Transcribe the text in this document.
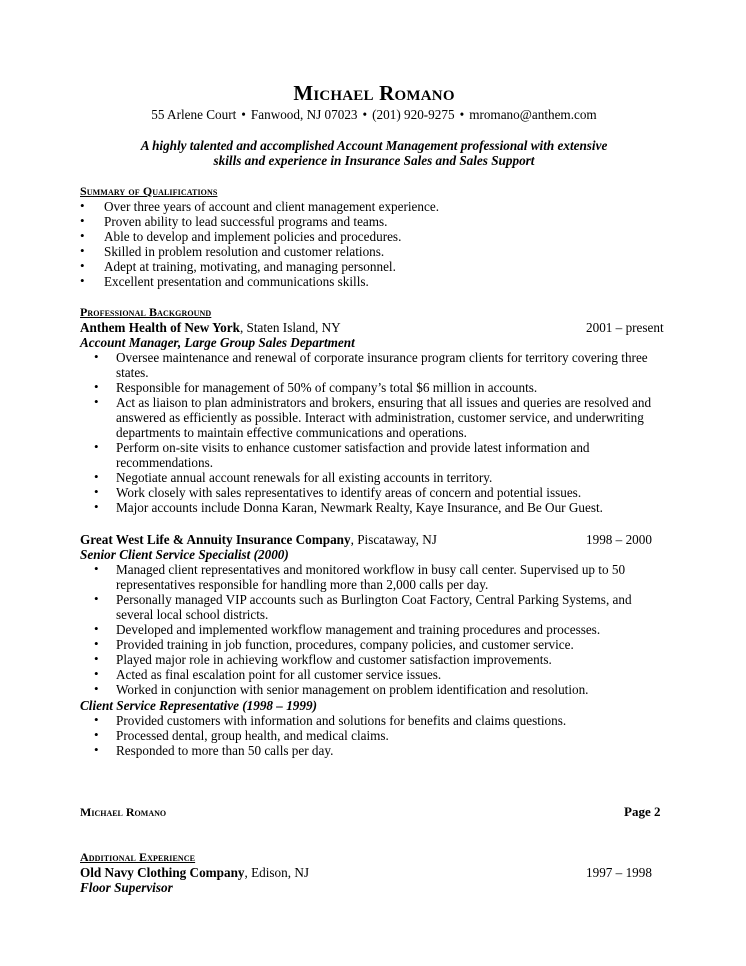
Michael Romano
55 Arlene Court • Fanwood, NJ 07023 • (201) 920-9275 • mromano@anthem.com
A highly talented and accomplished Account Management professional with extensive
skills and experience in Insurance Sales and Sales Support
Summary of Qualifications
• Over three years of account and client management experience.
• Proven ability to lead successful programs and teams.
• Able to develop and implement policies and procedures.
• Skilled in problem resolution and customer relations.
• Adept at training, motivating, and managing personnel.
• Excellent presentation and communications skills.
Professional Background
Anthem Health of New York, Staten Island, NY	2001 – present
Account Manager, Large Group Sales Department
• Oversee maintenance and renewal of corporate insurance program clients for territory covering three states.
• Responsible for management of 50% of company’s total $6 million in accounts.
• Act as liaison to plan administrators and brokers, ensuring that all issues and queries are resolved and answered as efficiently as possible. Interact with administration, customer service, and underwriting departments to maintain effective communications and operations.
• Perform on-site visits to enhance customer satisfaction and provide latest information and recommendations.
• Negotiate annual account renewals for all existing accounts in territory.
• Work closely with sales representatives to identify areas of concern and potential issues.
• Major accounts include Donna Karan, Newmark Realty, Kaye Insurance, and Be Our Guest.
Great West Life & Annuity Insurance Company, Piscataway, NJ	1998 – 2000
Senior Client Service Specialist (2000)
• Managed client representatives and monitored workflow in busy call center. Supervised up to 50 representatives responsible for handling more than 2,000 calls per day.
• Personally managed VIP accounts such as Burlington Coat Factory, Central Parking Systems, and several local school districts.
• Developed and implemented workflow management and training procedures and processes.
• Provided training in job function, procedures, company policies, and customer service.
• Played major role in achieving workflow and customer satisfaction improvements.
• Acted as final escalation point for all customer service issues.
• Worked in conjunction with senior management on problem identification and resolution.
Client Service Representative (1998 – 1999)
• Provided customers with information and solutions for benefits and claims questions.
• Processed dental, group health, and medical claims.
• Responded to more than 50 calls per day.
Michael Romano	Page 2
Additional Experience
Old Navy Clothing Company, Edison, NJ	1997 – 1998
Floor Supervisor
